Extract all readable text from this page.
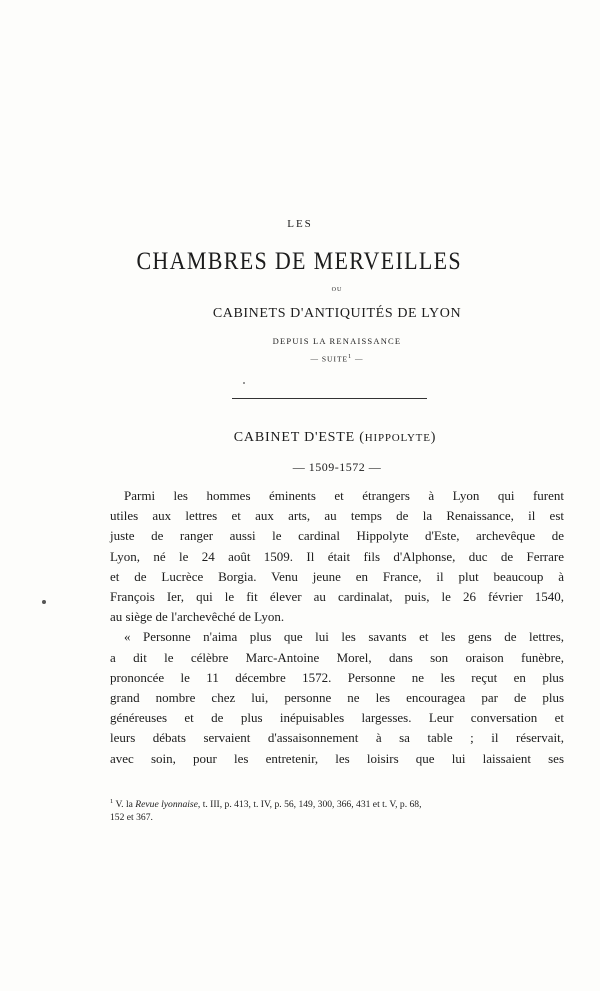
LES
CHAMBRES DE MERVEILLES
OU
CABINETS D'ANTIQUITÉS DE LYON
DEPUIS LA RENAISSANCE
— SUITE$^1$ —
CABINET D'ESTE (HIPPOLYTE)
— 1509-1572 —

Parmi les hommes éminents et étrangers à Lyon qui furent

utiles aux lettres et aux arts, au temps de la Renaissance, il est

juste de ranger aussi le cardinal Hippolyte d'Este, archevêque de

Lyon, né le 24 août 1509. Il était fils d'Alphonse, duc de Ferrare

et de Lucrèce Borgia. Venu jeune en France, il plut beaucoup à

François Ier, qui le fit élever au cardinalat, puis, le 26 février 1540,

au siège de l'archevêché de Lyon.

« Personne n'aima plus que lui les savants et les gens de lettres,

a dit le célèbre Marc-Antoine Morel, dans son oraison funèbre,

prononcée le 11 décembre 1572. Personne ne les reçut en plus

grand nombre chez lui, personne ne les encouragea par de plus

généreuses et de plus inépuisables largesses. Leur conversation et

leurs débats servaient d'assaisonnement à sa table ; il réservait,

avec soin, pour les entretenir, les loisirs que lui laissaient ses

$^1$ V. la Revue lyonnaise, t. III, p. 413, t. IV, p. 56, 149, 300, 366, 431 et t. V, p. 68,

152 et 367.
